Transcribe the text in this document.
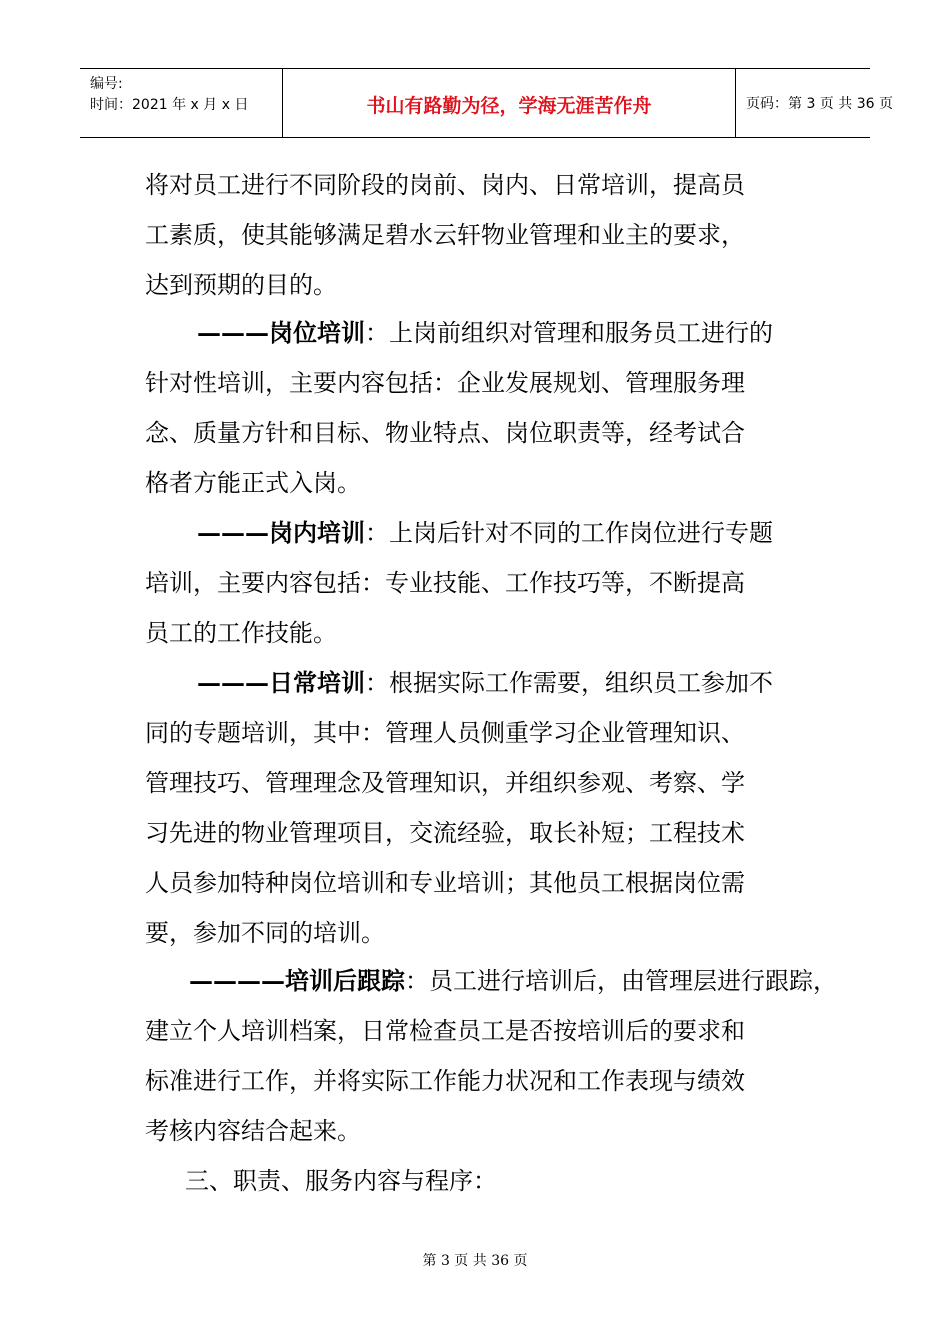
编号:
时间：2021 年 x 月 x 日	书山有路勤为径，学海无涯苦作舟	页码：第 3 页 共 36 页
将对员工进行不同阶段的岗前、岗内、日常培训，提高员
工素质，使其能够满足碧水云轩物业管理和业主的要求，
达到预期的目的。
———岗位培训：上岗前组织对管理和服务员工进行的
针对性培训，主要内容包括：企业发展规划、管理服务理
念、质量方针和目标、物业特点、岗位职责等，经考试合
格者方能正式入岗。
———岗内培训：上岗后针对不同的工作岗位进行专题
培训，主要内容包括：专业技能、工作技巧等，不断提高
员工的工作技能。
———日常培训：根据实际工作需要，组织员工参加不
同的专题培训，其中：管理人员侧重学习企业管理知识、
管理技巧、管理理念及管理知识，并组织参观、考察、学
习先进的物业管理项目，交流经验，取长补短；工程技术
人员参加特种岗位培训和专业培训；其他员工根据岗位需
要，参加不同的培训。
————培训后跟踪：员工进行培训后，由管理层进行跟踪，
建立个人培训档案，日常检查员工是否按培训后的要求和
标准进行工作，并将实际工作能力状况和工作表现与绩效
考核内容结合起来。
三、职责、服务内容与程序：
第 3 页 共 36 页
